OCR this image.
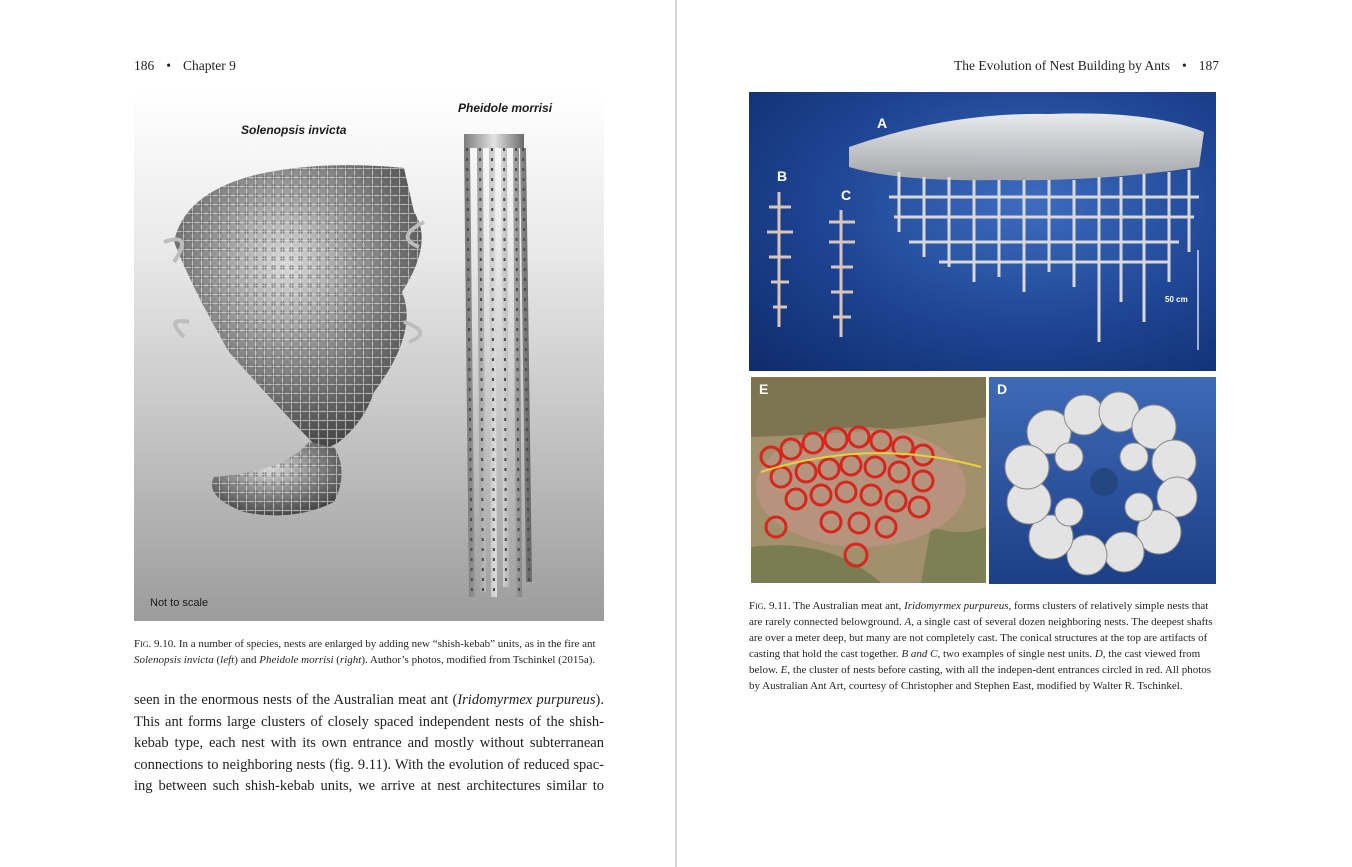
186 • Chapter 9
Solenopsis invicta
Pheidole morrisi
Not to scale
Fig. 9.10. In a number of species, nests are enlarged by adding new “shish-kebab” units, as in the fire ant Solenopsis invicta (left) and Pheidole morrisi (right). Author’s photos, modified from Tschinkel (2015a).
seen in the enormous nests of the Australian meat ant (Iridomyrmex purpureus).
This ant forms large clusters of closely spaced independent nests of the shish-
kebab type, each nest with its own entrance and mostly without subterranean
connections to neighboring nests (fig. 9.11). With the evolution of reduced spac-
ing between such shish-kebab units, we arrive at nest architectures similar to
The Evolution of Nest Building by Ants • 187
A
B
C
50 cm
E	D
Fig. 9.11. The Australian meat ant, Iridomyrmex purpureus, forms clusters of relatively simple nests that are rarely connected belowground. A, a single cast of several dozen neighboring nests. The deepest shafts are over a meter deep, but many are not completely cast. The conical structures at the top are artifacts of casting that hold the cast together. B and C, two examples of single nest units. D, the cast viewed from below. E, the cluster of nests before casting, with all the indepen-dent entrances circled in red. All photos by Australian Ant Art, courtesy of Christopher and Stephen East, modified by Walter R. Tschinkel.
